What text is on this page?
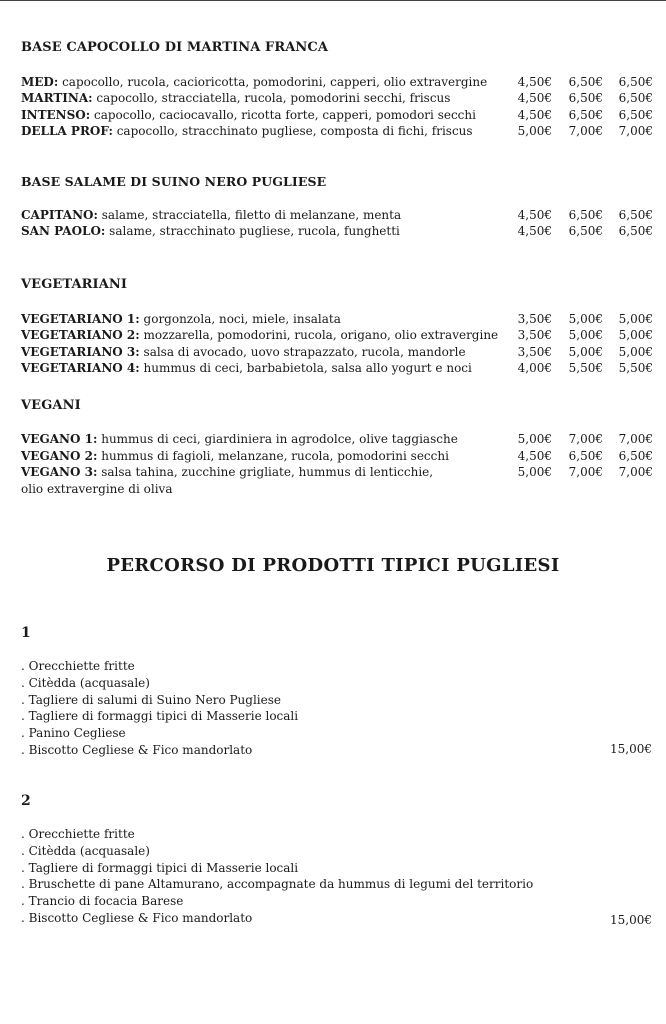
BASE CAPOCOLLO DI MARTINA FRANCA
MED: capocollo, rucola, cacioricotta, pomodorini, capperi, olio extravergine	4,50€	6,50€	6,50€
MARTINA: capocollo, stracciatella, rucola, pomodorini secchi, friscus	4,50€	6,50€	6,50€
INTENSO: capocollo, caciocavallo, ricotta forte, capperi, pomodori secchi	4,50€	6,50€	6,50€
DELLA PROF: capocollo, stracchinato pugliese, composta di fichi, friscus	5,00€	7,00€	7,00€
BASE SALAME DI SUINO NERO PUGLIESE
CAPITANO: salame, stracciatella, filetto di melanzane, menta	4,50€	6,50€	6,50€
SAN PAOLO: salame, stracchinato pugliese, rucola, funghetti	4,50€	6,50€	6,50€
VEGETARIANI
VEGETARIANO 1: gorgonzola, noci, miele, insalata	3,50€	5,00€	5,00€
VEGETARIANO 2: mozzarella, pomodorini, rucola, origano, olio extravergine	3,50€	5,00€	5,00€
VEGETARIANO 3: salsa di avocado, uovo strapazzato, rucola, mandorle	3,50€	5,00€	5,00€
VEGETARIANO 4: hummus di ceci, barbabietola, salsa allo yogurt e noci	4,00€	5,50€	5,50€
VEGANI
VEGANO 1: hummus di ceci, giardiniera in agrodolce, olive taggiasche	5,00€	7,00€	7,00€
VEGANO 2: hummus di fagioli, melanzane, rucola, pomodorini secchi	4,50€	6,50€	6,50€
VEGANO 3: salsa tahina, zucchine grigliate, hummus di lenticchie,	5,00€	7,00€	7,00€
olio extravergine di oliva
PERCORSO DI PRODOTTI TIPICI PUGLIESI
1
. Orecchiette fritte
. Citèdda (acquasale)
. Tagliere di salumi di Suino Nero Pugliese
. Tagliere di formaggi tipici di Masserie locali
. Panino Cegliese
. Biscotto Cegliese & Fico mandorlato	15,00€
2
. Orecchiette fritte
. Citèdda (acquasale)
. Tagliere di formaggi tipici di Masserie locali
. Bruschette di pane Altamurano, accompagnate da hummus di legumi del territorio
. Trancio di focacia Barese
. Biscotto Cegliese & Fico mandorlato	15,00€
